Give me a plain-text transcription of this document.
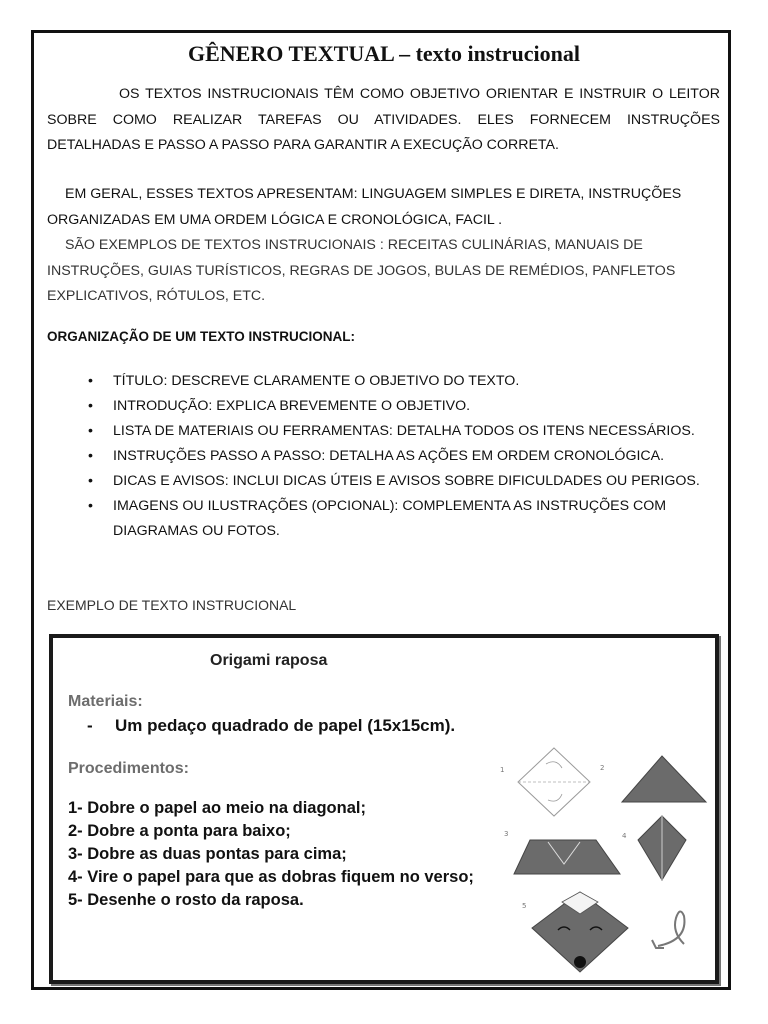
GÊNERO TEXTUAL – texto instrucional

OS TEXTOS INSTRUCIONAIS TÊM COMO OBJETIVO ORIENTAR E INSTRUIR O LEITOR SOBRE COMO REALIZAR TAREFAS OU ATIVIDADES. ELES FORNECEM INSTRUÇÕES DETALHADAS E PASSO A PASSO PARA GARANTIR A EXECUÇÃO CORRETA.

EM GERAL, ESSES TEXTOS APRESENTAM: LINGUAGEM SIMPLES E DIRETA, INSTRUÇÕES ORGANIZADAS EM UMA ORDEM LÓGICA E CRONOLÓGICA, FACIL .

SÃO EXEMPLOS DE TEXTOS INSTRUCIONAIS : RECEITAS CULINÁRIAS, MANUAIS DE INSTRUÇÕES, GUIAS TURÍSTICOS, REGRAS DE JOGOS, BULAS DE REMÉDIOS, PANFLETOS EXPLICATIVOS, RÓTULOS, ETC.

ORGANIZAÇÃO DE UM TEXTO INSTRUCIONAL:

• TÍTULO: DESCREVE CLARAMENTE O OBJETIVO DO TEXTO.
• INTRODUÇÃO: EXPLICA BREVEMENTE O OBJETIVO.
• LISTA DE MATERIAIS OU FERRAMENTAS: DETALHA TODOS OS ITENS NECESSÁRIOS.
• INSTRUÇÕES PASSO A PASSO: DETALHA AS AÇÕES EM ORDEM CRONOLÓGICA.
• DICAS E AVISOS: INCLUI DICAS ÚTEIS E AVISOS SOBRE DIFICULDADES OU PERIGOS.
• IMAGENS OU ILUSTRAÇÕES (OPCIONAL): COMPLEMENTA AS INSTRUÇÕES COM DIAGRAMAS OU FOTOS.

EXEMPLO DE TEXTO INSTRUCIONAL

Origami raposa

Materiais:

- Um pedaço quadrado de papel (15x15cm).

Procedimentos:

1- Dobre o papel ao meio na diagonal;
2- Dobre a ponta para baixo;
3- Dobre as duas pontas para cima;
4- Vire o papel para que as dobras fiquem no verso;
5- Desenhe o rosto da raposa.
1	2
3	4
5
